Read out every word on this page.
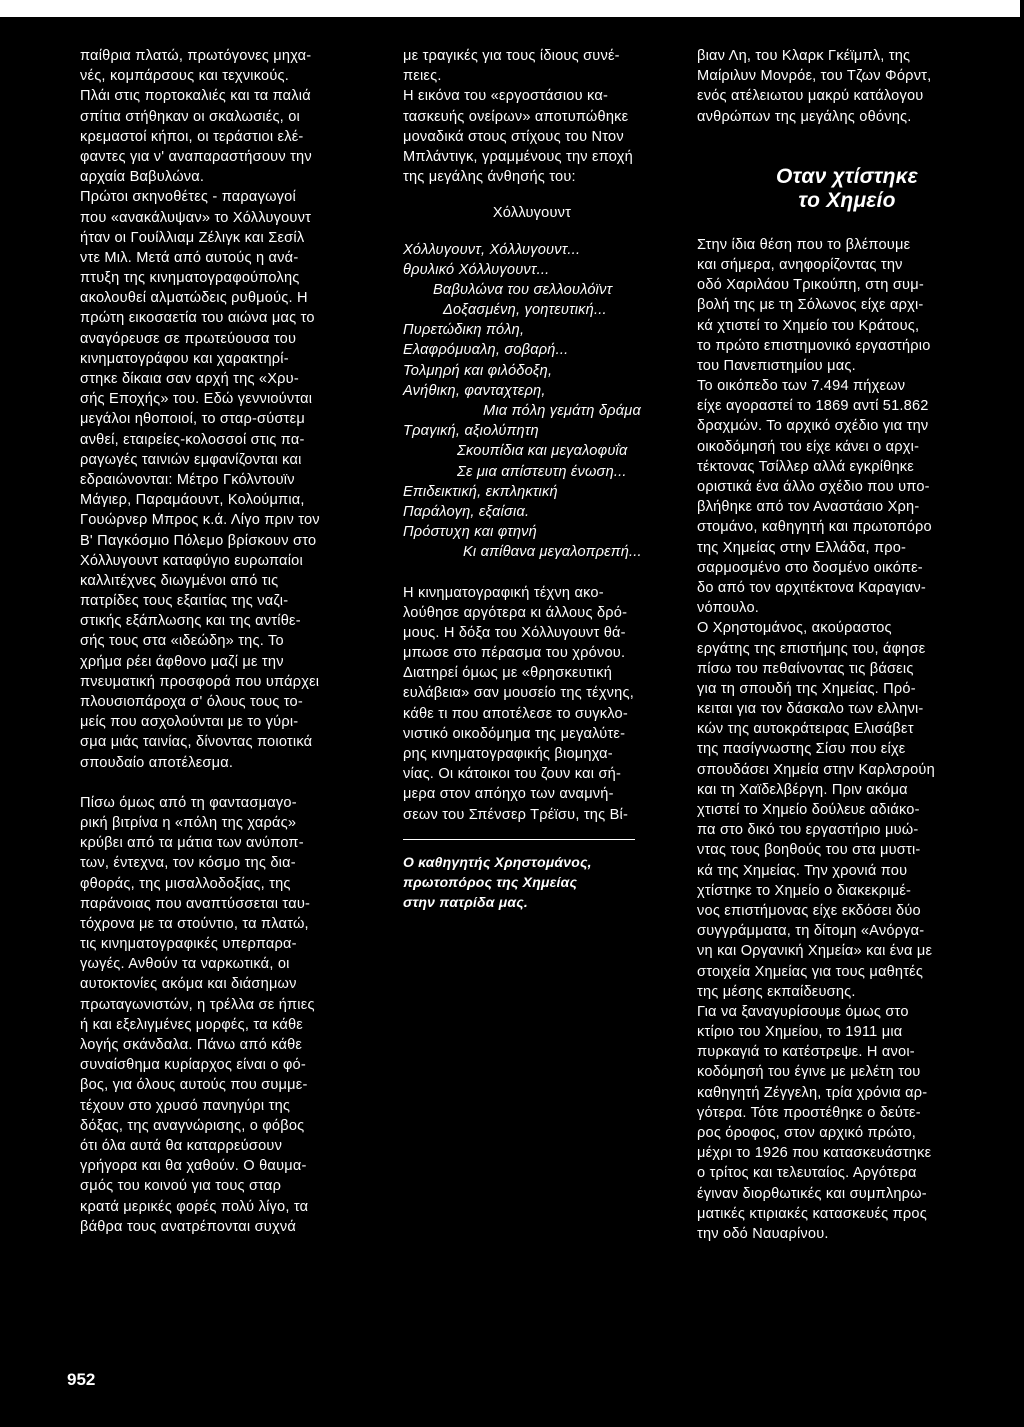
παίθρια πλατώ, πρωτόγονες μηχα-
νές, κομπάρσους και τεχνικούς.
Πλάι στις πορτοκαλιές και τα παλιά
σπίτια στήθηκαν οι σκαλωσιές, οι
κρεμαστοί κήποι, οι τεράστιοι ελέ-
φαντες για ν' αναπαραστήσουν την
αρχαία Βαβυλώνα.
Πρώτοι σκηνοθέτες - παραγωγοί
που «ανακάλυψαν» το Χόλλυγουντ
ήταν οι Γουίλλιαμ Ζέλιγκ και Σεσίλ
ντε Μιλ. Μετά από αυτούς η ανά-
πτυξη της κινηματογραφούπολης
ακολουθεί αλματώδεις ρυθμούς. Η
πρώτη εικοσαετία του αιώνα μας το
αναγόρευσε σε πρωτεύουσα του
κινηματογράφου και χαρακτηρί-
στηκε δίκαια σαν αρχή της «Χρυ-
σής Εποχής» του. Εδώ γεννιούνται
μεγάλοι ηθοποιοί, το σταρ-σύστεμ
ανθεί, εταιρείες-κολοσσοί στις πα-
ραγωγές ταινιών εμφανίζονται και
εδραιώνονται: Μέτρο Γκόλντουϊν
Μάγιερ, Παραμάουντ, Κολούμπια,
Γουώρνερ Μπρος κ.ά. Λίγο πριν τον
Β' Παγκόσμιο Πόλεμο βρίσκουν στο
Χόλλυγουντ καταφύγιο ευρωπαίοι
καλλιτέχνες διωγμένοι από τις
πατρίδες τους εξαιτίας της ναζι-
στικής εξάπλωσης και της αντίθε-
σής τους στα «ιδεώδη» της. Το
χρήμα ρέει άφθονο μαζί με την
πνευματική προσφορά που υπάρχει
πλουσιοπάροχα σ' όλους τους το-
μείς που ασχολούνται με το γύρι-
σμα μιάς ταινίας, δίνοντας ποιοτικά
σπουδαίο αποτέλεσμα.
Πίσω όμως από τη φαντασμαγο-
ρική βιτρίνα η «πόλη της χαράς»
κρύβει από τα μάτια των ανύποπ-
των, έντεχνα, τον κόσμο της δια-
φθοράς, της μισαλλοδοξίας, της
παράνοιας που αναπτύσσεται ταυ-
τόχρονα με τα στούντιο, τα πλατώ,
τις κινηματογραφικές υπερπαρα-
γωγές. Ανθούν τα ναρκωτικά, οι
αυτοκτονίες ακόμα και διάσημων
πρωταγωνιστών, η τρέλλα σε ήπιες
ή και εξελιγμένες μορφές, τα κάθε
λογής σκάνδαλα. Πάνω από κάθε
συναίσθημα κυρίαρχος είναι ο φό-
βος, για όλους αυτούς που συμμε-
τέχουν στο χρυσό πανηγύρι της
δόξας, της αναγνώρισης, ο φόβος
ότι όλα αυτά θα καταρρεύσουν
γρήγορα και θα χαθούν. Ο θαυμα-
σμός του κοινού για τους σταρ
κρατά μερικές φορές πολύ λίγο, τα
βάθρα τους ανατρέπονται συχνά
με τραγικές για τους ίδιους συνέ-
πειες.
Η εικόνα του «εργοστάσιου κα-
τασκευής ονείρων» αποτυπώθηκε
μοναδικά στους στίχους του Ντον
Μπλάντιγκ, γραμμένους την εποχή
της μεγάλης άνθησής του:
Χόλλυγουντ
Χόλλυγουντ, Χόλλυγουντ...
θρυλικό Χόλλυγουντ...
Βαβυλώνα του σελλουλόϊντ
Δοξασμένη, γοητευτική...
Πυρετώδικη πόλη,
Ελαφρόμυαλη, σοβαρή...
Τολμηρή και φιλόδοξη,
Ανήθικη, φανταχτερη,
Μια πόλη γεμάτη δράμα
Τραγική, αξιολύπητη
Σκουπίδια και μεγαλοφυΐα
Σε μια απίστευτη ένωση...
Επιδεικτική, εκπληκτική
Παράλογη, εξαίσια.
Πρόστυχη και φτηνή
Κι απίθανα μεγαλοπρεπή...
Η κινηματογραφική τέχνη ακο-
λούθησε αργότερα κι άλλους δρό-
μους. Η δόξα του Χόλλυγουντ θά-
μπωσε στο πέρασμα του χρόνου.
Διατηρεί όμως με «θρησκευτική
ευλάβεια» σαν μουσείο της τέχνης,
κάθε τι που αποτέλεσε το συγκλο-
νιστικό οικοδόμημα της μεγαλύτε-
ρης κινηματογραφικής βιομηχα-
νίας. Οι κάτοικοι του ζουν και σή-
μερα στον απόηχο των αναμνή-
σεων του Σπένσερ Τρέϊσυ, της Βί-
Ο καθηγητής Χρηστομάνος,
πρωτοπόρος της Χημείας
στην πατρίδα μας.
βιαν Λη, του Κλαρκ Γκέϊμπλ, της
Μαίριλυν Μονρόε, του Τζων Φόρντ,
ενός ατέλειωτου μακρύ κατάλογου
ανθρώπων της μεγάλης οθόνης.
Οταν χτίστηκε
το Χημείο
Στην ίδια θέση που το βλέπουμε
και σήμερα, ανηφορίζοντας την
οδό Χαριλάου Τρικούπη, στη συμ-
βολή της με τη Σόλωνος είχε αρχι-
κά χτιστεί το Χημείο του Κράτους,
το πρώτο επιστημονικό εργαστήριο
του Πανεπιστημίου μας.
Το οικόπεδο των 7.494 πήχεων
είχε αγοραστεί το 1869 αντί 51.862
δραχμών. Το αρχικό σχέδιο για την
οικοδόμησή του είχε κάνει ο αρχι-
τέκτονας Τσίλλερ αλλά εγκρίθηκε
οριστικά ένα άλλο σχέδιο που υπο-
βλήθηκε από τον Αναστάσιο Χρη-
στομάνο, καθηγητή και πρωτοπόρο
της Χημείας στην Ελλάδα, προ-
σαρμοσμένο στο δοσμένο οικόπε-
δο από τον αρχιτέκτονα Καραγιαν-
νόπουλο.
Ο Χρηστομάνος, ακούραστος
εργάτης της επιστήμης του, άφησε
πίσω του πεθαίνοντας τις βάσεις
για τη σπουδή της Χημείας. Πρό-
κειται για τον δάσκαλο των ελληνι-
κών της αυτοκράτειρας Ελισάβετ
της πασίγνωστης Σίσυ που είχε
σπουδάσει Χημεία στην Καρλσρούη
και τη Χαϊδελβέργη. Πριν ακόμα
χτιστεί το Χημείο δούλευε αδιάκο-
πα στο δικό του εργαστήριο μυώ-
ντας τους βοηθούς του στα μυστι-
κά της Χημείας. Την χρονιά που
χτίστηκε το Χημείο ο διακεκριμέ-
νος επιστήμονας είχε εκδόσει δύο
συγγράμματα, τη δίτομη «Ανόργα-
νη και Οργανική Χημεία» και ένα με
στοιχεία Χημείας για τους μαθητές
της μέσης εκπαίδευσης.
Για να ξαναγυρίσουμε όμως στο
κτίριο του Χημείου, το 1911 μια
πυρκαγιά το κατέστρεψε. Η ανοι-
κοδόμησή του έγινε με μελέτη του
καθηγητή Ζέγγελη, τρία χρόνια αρ-
γότερα. Τότε προστέθηκε ο δεύτε-
ρος όροφος, στον αρχικό πρώτο,
μέχρι το 1926 που κατασκευάστηκε
ο τρίτος και τελευταίος. Αργότερα
έγιναν διορθωτικές και συμπληρω-
ματικές κτιριακές κατασκευές προς
την οδό Ναυαρίνου.
952
